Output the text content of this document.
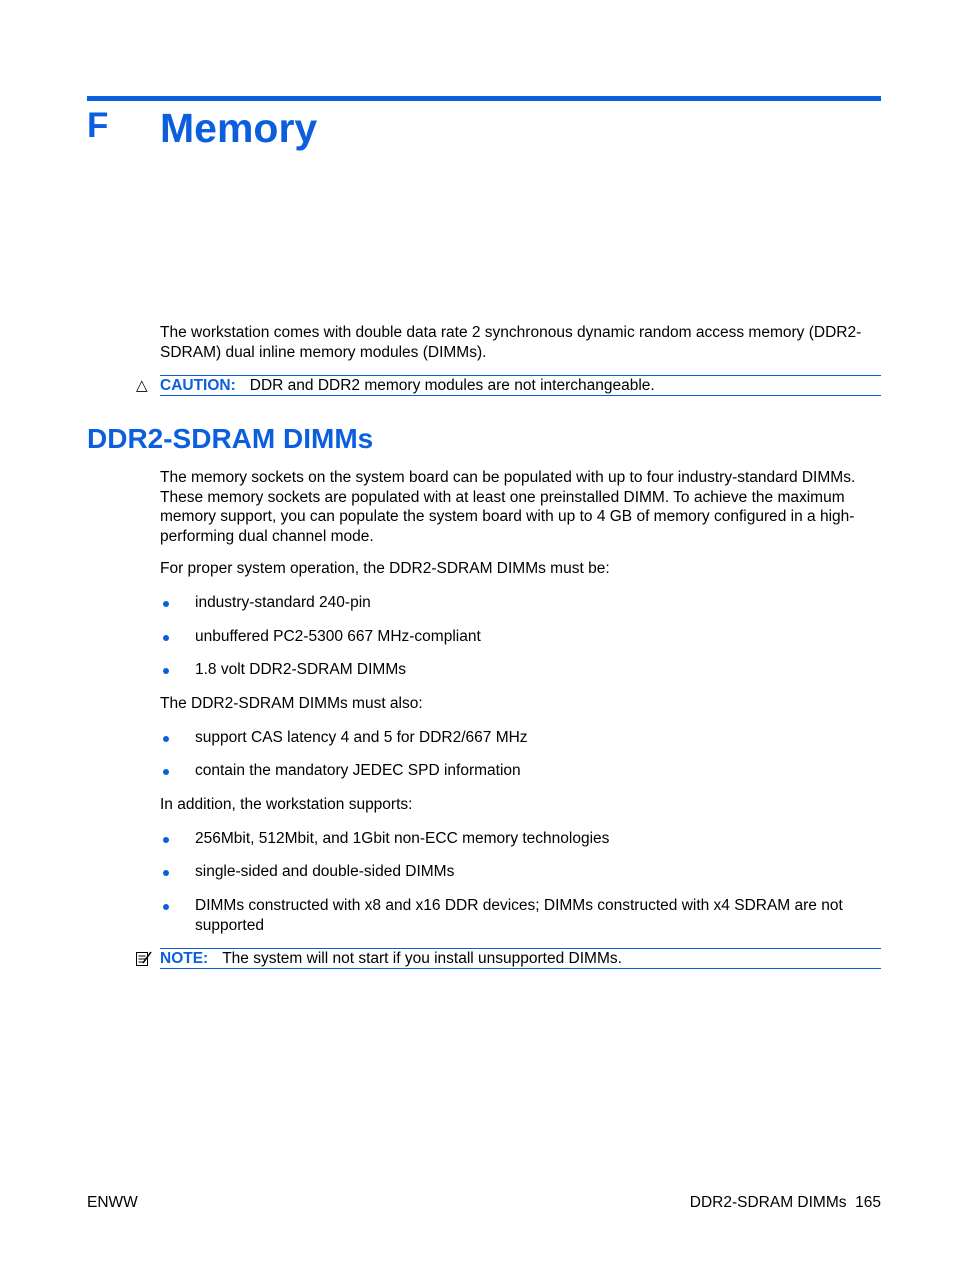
F Memory

The workstation comes with double data rate 2 synchronous dynamic random access memory (DDR2-SDRAM) dual inline memory modules (DIMMs).

△ CAUTION: DDR and DDR2 memory modules are not interchangeable.
DDR2-SDRAM DIMMs

The memory sockets on the system board can be populated with up to four industry-standard DIMMs. These memory sockets are populated with at least one preinstalled DIMM. To achieve the maximum memory support, you can populate the system board with up to 4 GB of memory configured in a high-performing dual channel mode.

For proper system operation, the DDR2-SDRAM DIMMs must be:

industry-standard 240-pin
unbuffered PC2-5300 667 MHz-compliant
1.8 volt DDR2-SDRAM DIMMs

The DDR2-SDRAM DIMMs must also:

support CAS latency 4 and 5 for DDR2/667 MHz
contain the mandatory JEDEC SPD information

In addition, the workstation supports:

256Mbit, 512Mbit, and 1Gbit non-ECC memory technologies
single-sided and double-sided DIMMs
DIMMs constructed with x8 and x16 DDR devices; DIMMs constructed with x4 SDRAM are not supported
NOTE: The system will not start if you install unsupported DIMMs.
ENWW	DDR2-SDRAM DIMMs 165
